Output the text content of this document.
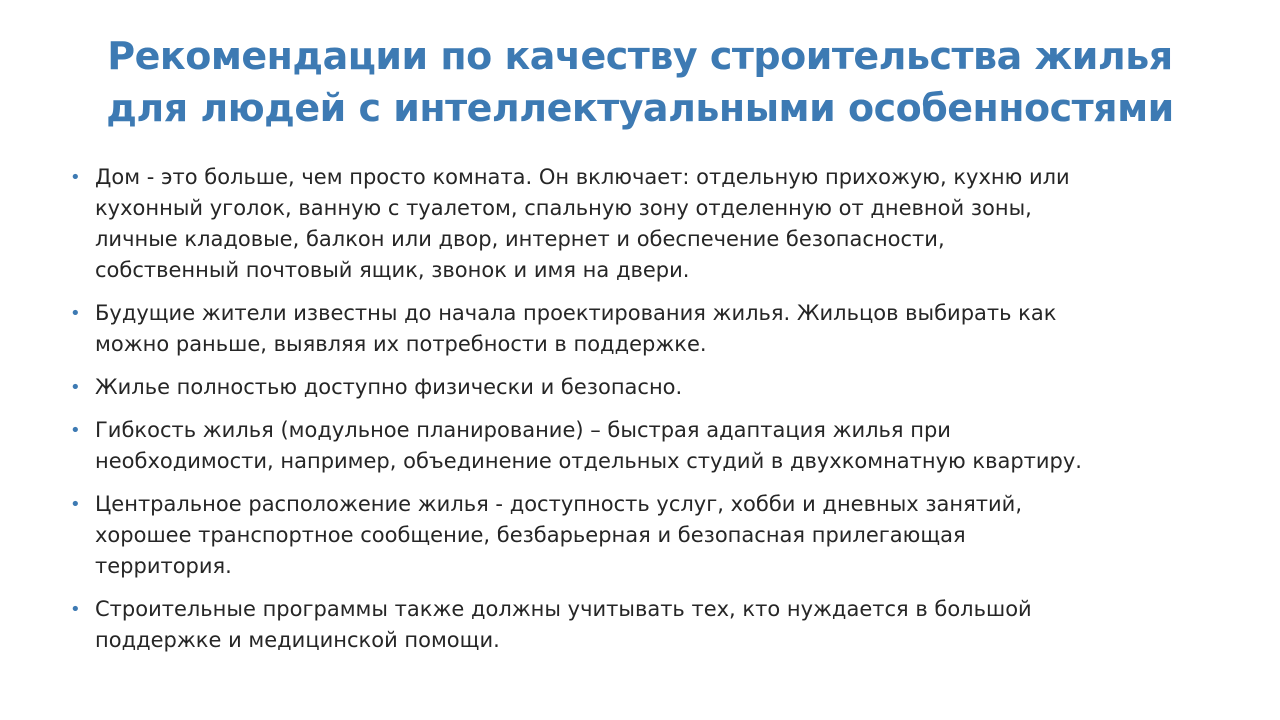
Рекомендации по качеству строительства жилья
для людей с интеллектуальными особенностями
• Дом - это больше, чем просто комната. Он включает: отдельную прихожую, кухню или
кухонный уголок, ванную с туалетом, спальную зону отделенную от дневной зоны,
личные кладовые, балкон или двор, интернет и обеспечение безопасности,
собственный почтовый ящик, звонок и имя на двери.
• Будущие жители известны до начала проектирования жилья. Жильцов выбирать как
можно раньше, выявляя их потребности в поддержке.
• Жилье полностью доступно физически и безопасно.
• Гибкость жилья (модульное планирование) – быстрая адаптация жилья при
необходимости, например, объединение отдельных студий в двухкомнатную квартиру.
• Центральное расположение жилья - доступность услуг, хобби и дневных занятий,
хорошее транспортное сообщение, безбарьерная и безопасная прилегающая
территория.
• Строительные программы также должны учитывать тех, кто нуждается в большой
поддержке и медицинской помощи.
